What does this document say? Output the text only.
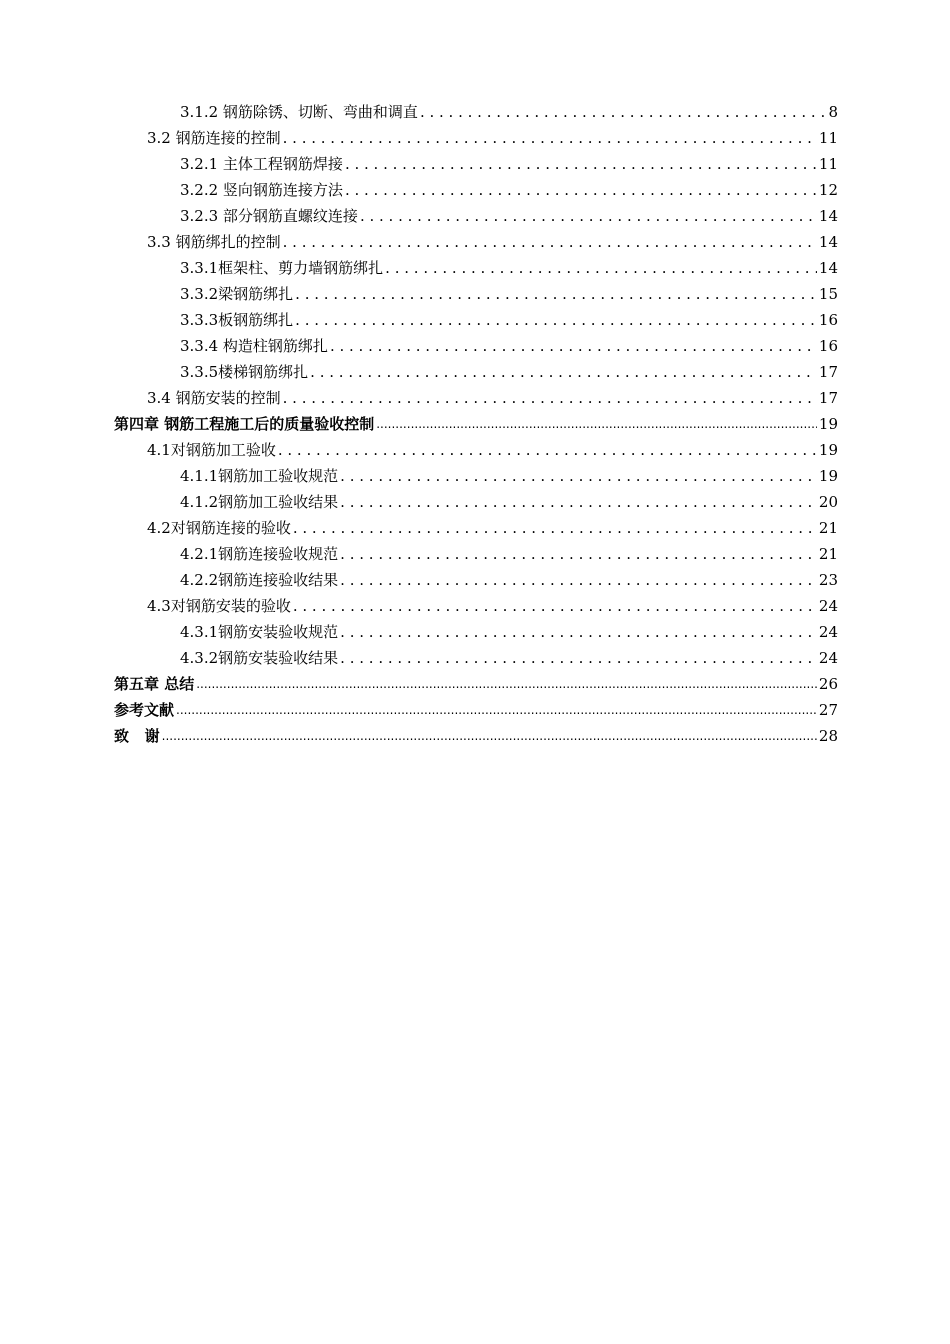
3.1.2 钢筋除锈、切断、弯曲和调直 . . .	8
3.2 钢筋连接的控制 . . .	11
3.2.1 主体工程钢筋焊接 . . .	11
3.2.2 竖向钢筋连接方法 . . .	12
3.2.3 部分钢筋直螺纹连接 . . .	14
3.3 钢筋绑扎的控制 . . .	14
3.3.1框架柱、剪力墙钢筋绑扎 . . .	14
3.3.2梁钢筋绑扎 . . .	15
3.3.3板钢筋绑扎 . . .	16
3.3.4 构造柱钢筋绑扎 . . .	16
3.3.5楼梯钢筋绑扎 . . .	17
3.4 钢筋安装的控制 . . .	17
第四章 钢筋工程施工后的质量验收控制 .....	19
4.1对钢筋加工验收 . . .	19
4.1.1钢筋加工验收规范 . . .	19
4.1.2钢筋加工验收结果 . . .	20
4.2对钢筋连接的验收 . . .	21
4.2.1钢筋连接验收规范 . . .	21
4.2.2钢筋连接验收结果 . . .	23
4.3对钢筋安装的验收 . . .	24
4.3.1钢筋安装验收规范 . . .	24
4.3.2钢筋安装验收结果 . . .	24
第五章 总结 .....	26
参考文献 .....	27
致   谢 .....	28
